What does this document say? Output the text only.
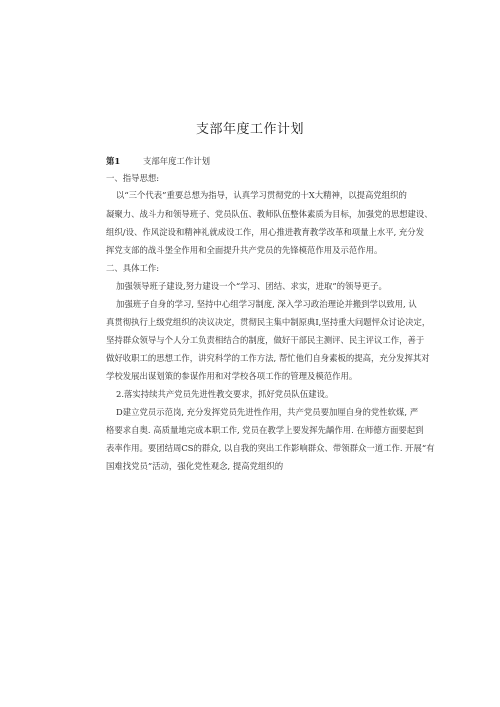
支部年度工作计划
第1	支部年度工作计划
一、指导思想:
以“三个代表”重要总想为指导，认真学习贯彻党的十X大精神，以提高党组织的
凝聚力、战斗力和领导班子、党员队伍、教师队伍整体素质为目标，加强党的思想建设、
组织/设、作风淀设和精神礼就成设工作，用心推进教育教学改革和项量上水平, 充分发
挥党支部的战斗堡全作用和全面提升共产党员的先锋模范作用及示范作用。
二、具体工作:
加强领导班子建设,努力建设一个“学习、团结、求实，进取”的领导更子。
加强班子自身的学习, 坚持中心组学习制度, 深入学习政治理论并搬到学以致用, 认
真贯彻执行上级党组织的决议决定，贯彻民主集中制原典I,坚持重大问题怦众讨论决定，
坚持群众领导与个人分工负责相结合的制度，做好干部民主测评、民主评议工作，善于
做好收职工的思想工作，讲究科学的工作方法, 帮忙他们自身素板的提高，充分发挥其对
学校发展出谋划策的参谋作用和对学校各项工作的管理及模范作用。
2.落实持续共产党员先进性教交要求，抓好党员队伍建设。
D建立党员示范岗, 充分发挥党员先进性作用，共产党员要加厘自身的党性软煤, 严
格要求自奥. 高质量地完成本职工作, 党员在教学上要发挥先龋作用. 在师德方面要起到
表率作用。要团结周CS的群众, 以自我的突出工作影响群众、带领群众一道工作. 开展“有
国难找党员”活动，强化党性观念, 提高党组织的
